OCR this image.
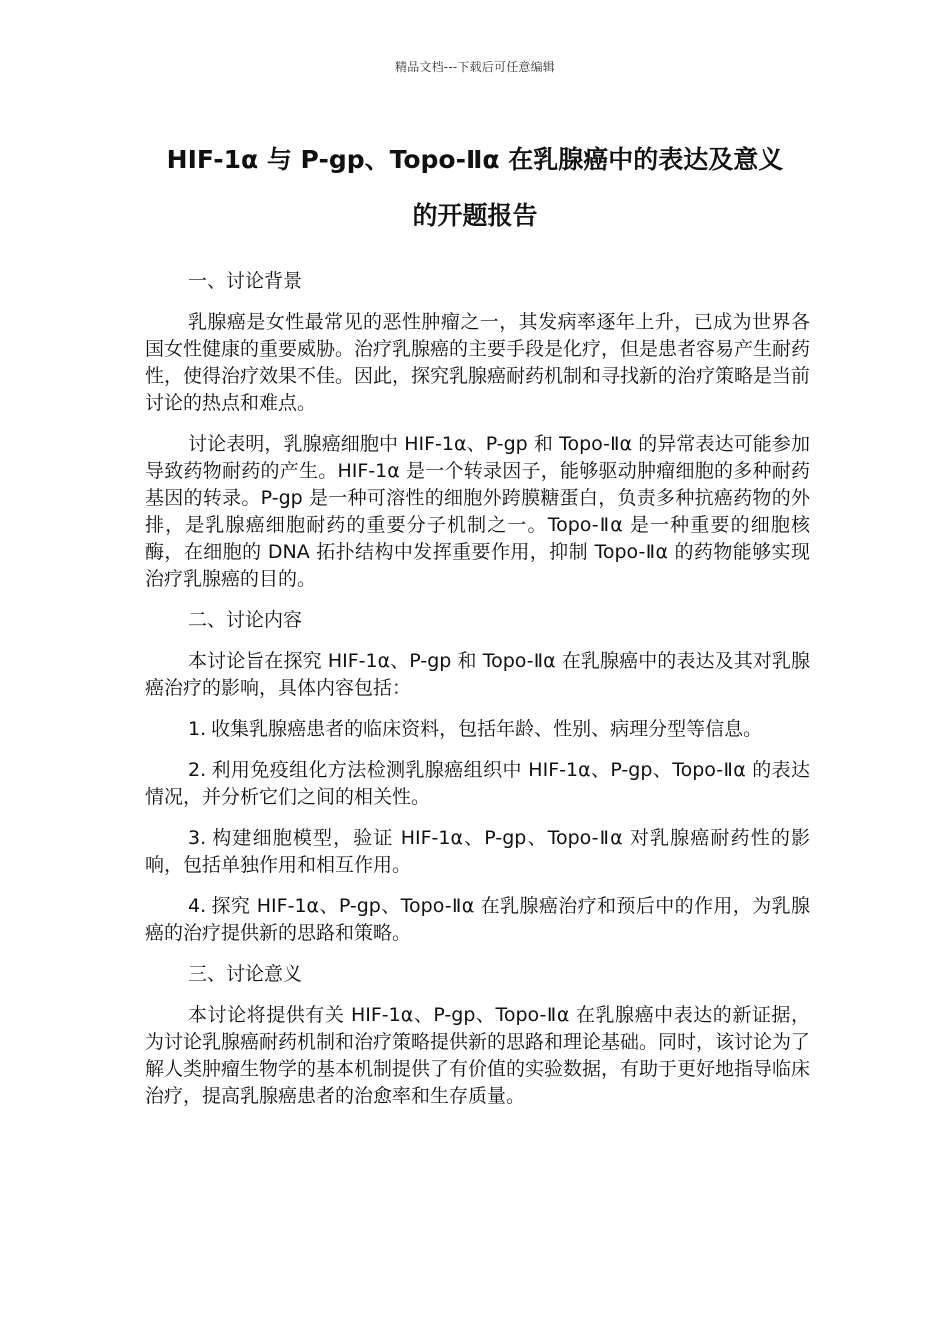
精品文档---下载后可任意编辑
HIF-1α 与 P-gp、Topo-Ⅱα 在乳腺癌中的表达及意义
的开题报告

一、讨论背景

乳腺癌是女性最常见的恶性肿瘤之一，其发病率逐年上升，已成为世界各国女性健康的重要威胁。治疗乳腺癌的主要手段是化疗，但是患者容易产生耐药性，使得治疗效果不佳。因此，探究乳腺癌耐药机制和寻找新的治疗策略是当前讨论的热点和难点。

讨论表明，乳腺癌细胞中 HIF-1α、P-gp 和 Topo-Ⅱα 的异常表达可能参加导致药物耐药的产生。HIF-1α 是一个转录因子，能够驱动肿瘤细胞的多种耐药基因的转录。P-gp 是一种可溶性的细胞外跨膜糖蛋白，负责多种抗癌药物的外排，是乳腺癌细胞耐药的重要分子机制之一。Topo-Ⅱα 是一种重要的细胞核酶，在细胞的 DNA 拓扑结构中发挥重要作用，抑制 Topo-Ⅱα 的药物能够实现治疗乳腺癌的目的。

二、讨论内容

本讨论旨在探究 HIF-1α、P-gp 和 Topo-Ⅱα 在乳腺癌中的表达及其对乳腺癌治疗的影响，具体内容包括：

1. 收集乳腺癌患者的临床资料，包括年龄、性别、病理分型等信息。

2. 利用免疫组化方法检测乳腺癌组织中 HIF-1α、P-gp、Topo-Ⅱα 的表达情况，并分析它们之间的相关性。

3. 构建细胞模型，验证 HIF-1α、P-gp、Topo-Ⅱα 对乳腺癌耐药性的影响，包括单独作用和相互作用。

4. 探究 HIF-1α、P-gp、Topo-Ⅱα 在乳腺癌治疗和预后中的作用，为乳腺癌的治疗提供新的思路和策略。

三、讨论意义

本讨论将提供有关 HIF-1α、P-gp、Topo-Ⅱα 在乳腺癌中表达的新证据，为讨论乳腺癌耐药机制和治疗策略提供新的思路和理论基础。同时，该讨论为了解人类肿瘤生物学的基本机制提供了有价值的实验数据，有助于更好地指导临床治疗，提高乳腺癌患者的治愈率和生存质量。
